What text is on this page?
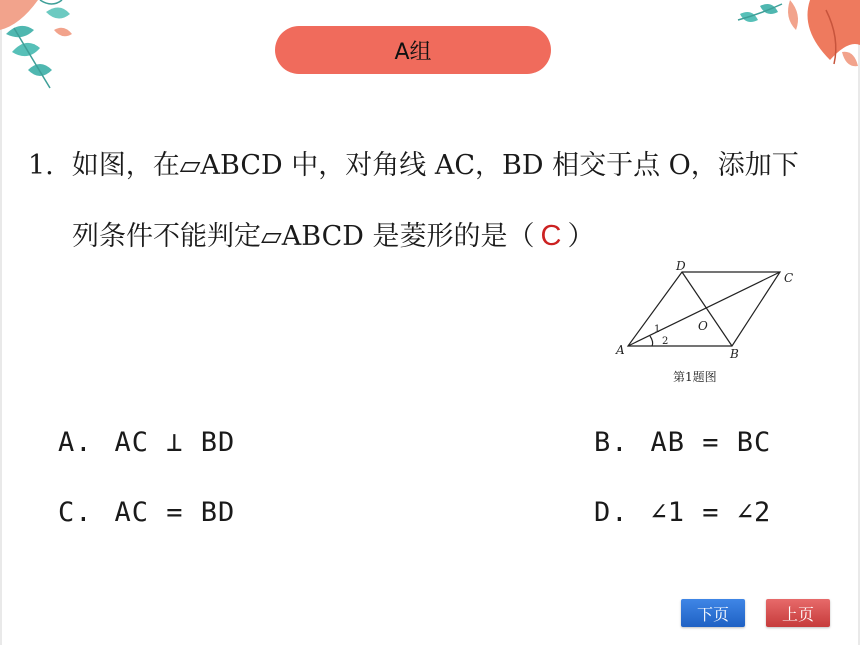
A组
1. 如图，在▱ABCD 中，对角线 AC，BD 相交于点 O，添加下
列条件不能判定▱ABCD 是菱形的是（ C ）
A	B
C
D
O
1
2
第1题图
A. AC ⊥ BD	B. AB = BC
C. AC = BD	D. ∠1 = ∠2
下页	上页
